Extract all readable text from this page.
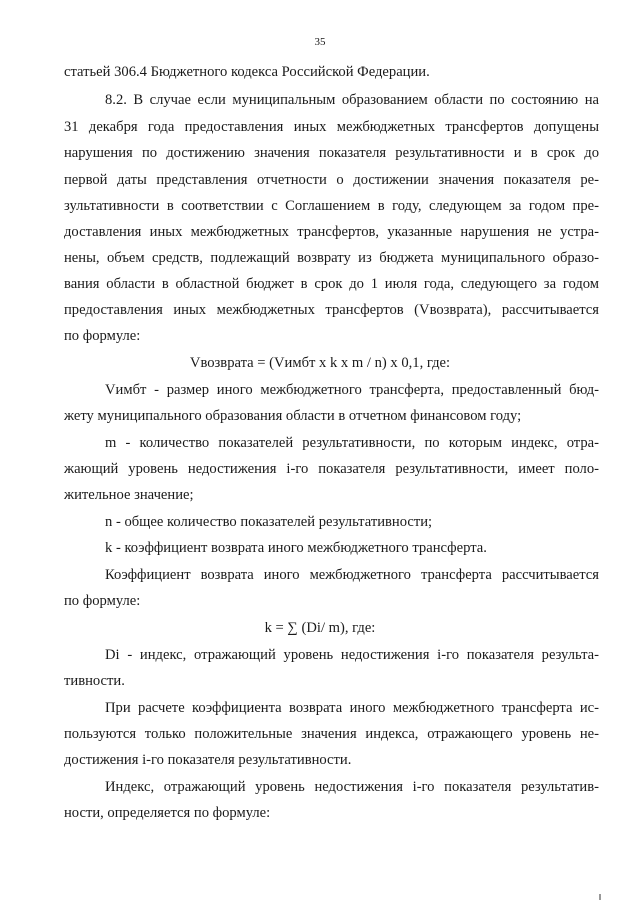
35
статьей 306.4 Бюджетного кодекса Российской Федерации.
8.2. В случае если муниципальным образованием области по состоянию на
31 декабря года предоставления иных межбюджетных трансфертов допущены
нарушения по достижению значения показателя результативности и в срок до
первой даты представления отчетности о достижении значения показателя ре-
зультативности в соответствии с Соглашением в году, следующем за годом пре-
доставления иных межбюджетных трансфертов, указанные нарушения не устра-
нены, объем средств, подлежащий возврату из бюджета муниципального образо-
вания области в областной бюджет в срок до 1 июля года, следующего за годом
предоставления иных межбюджетных трансфертов (Vвозврата), рассчитывается
по формуле:
Vвозврата = (Vимбт x k x m / n) x 0,1, где:
Vимбт - размер иного межбюджетного трансферта, предоставленный бюд-
жету муниципального образования области в отчетном финансовом году;
m - количество показателей результативности, по которым индекс, отра-
жающий уровень недостижения i-го показателя результативности, имеет поло-
жительное значение;
n - общее количество показателей результативности;
k - коэффициент возврата иного межбюджетного трансферта.
Коэффициент возврата иного межбюджетного трансферта рассчитывается
по формуле:
k = ∑ (Di/ m), где:
Di - индекс, отражающий уровень недостижения i-го показателя результа-
тивности.
При расчете коэффициента возврата иного межбюджетного трансферта ис-
пользуются только положительные значения индекса, отражающего уровень не-
достижения i-го показателя результативности.
Индекс, отражающий уровень недостижения i-го показателя результатив-
ности, определяется по формуле:
